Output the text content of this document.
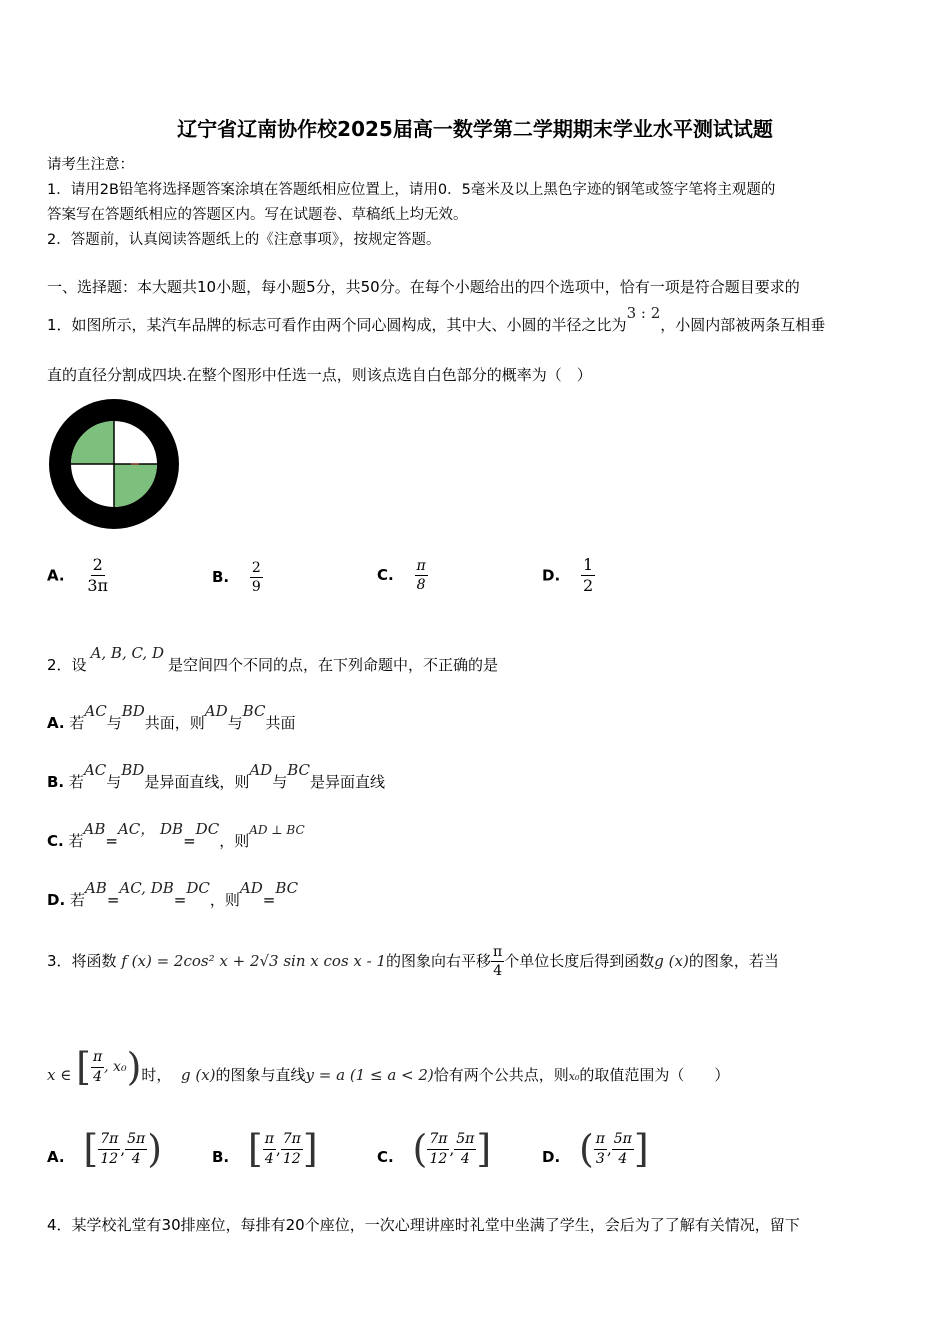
辽宁省辽南协作校2025届高一数学第二学期期末学业水平测试试题
请考生注意：
1．请用2B铅笔将选择题答案涂填在答题纸相应位置上，请用0．5毫米及以上黑色字迹的钢笔或签字笔将主观题的
答案写在答题纸相应的答题区内。写在试题卷、草稿纸上均无效。
2．答题前，认真阅读答题纸上的《注意事项》，按规定答题。
一、选择题：本大题共10小题，每小题5分，共50分。在每个小题给出的四个选项中，恰有一项是符合题目要求的
1．如图所示，某汽车品牌的标志可看作由两个同心圆构成，其中大、小圆的半径之比为3 : 2，小圆内部被两条互相垂
直的直径分割成四块.在整个图形中任选一点，则该点选自白色部分的概率为（　）
A. $\frac{2}{3\pi}$	B. $\frac{2}{9}$	C. $\frac{\pi}{8}$	D. $\frac{1}{2}$
2．设A, B, C, D是空间四个不同的点，在下列命题中，不正确的是
A. 若AC与BD共面，则AD与BC共面
B. 若AC与BD是异面直线，则AD与BC是异面直线
C. 若AB=AC， DB=DC，则$^{AD \perp BC}$
D. 若AB=AC, DB=DC，则AD=BC
3．将函数 f (x) = 2cos² x + 2√3 sin x cos x - 1的图象向右平移 $\frac{\pi}{4}$ 个单位长度后得到函数g (x)的图象，若当
x ∈ [ $\frac{\pi}{4}$ , x₀ ) 时， g (x)的图象与直线y = a (1 ≤ a < 2)恰有两个公共点，则x₀的取值范围为（　　）
A. [ $\frac{7\pi}{12}$ , $\frac{5\pi}{4}$ )	B. [ $\frac{\pi}{4}$ , $\frac{7\pi}{12}$ ]	C. ( $\frac{7\pi}{12}$ , $\frac{5\pi}{4}$ ]	D. ( $\frac{\pi}{3}$ , $\frac{5\pi}{4}$ ]
4．某学校礼堂有30排座位，每排有20个座位，一次心理讲座时礼堂中坐满了学生，会后为了了解有关情况，留下
